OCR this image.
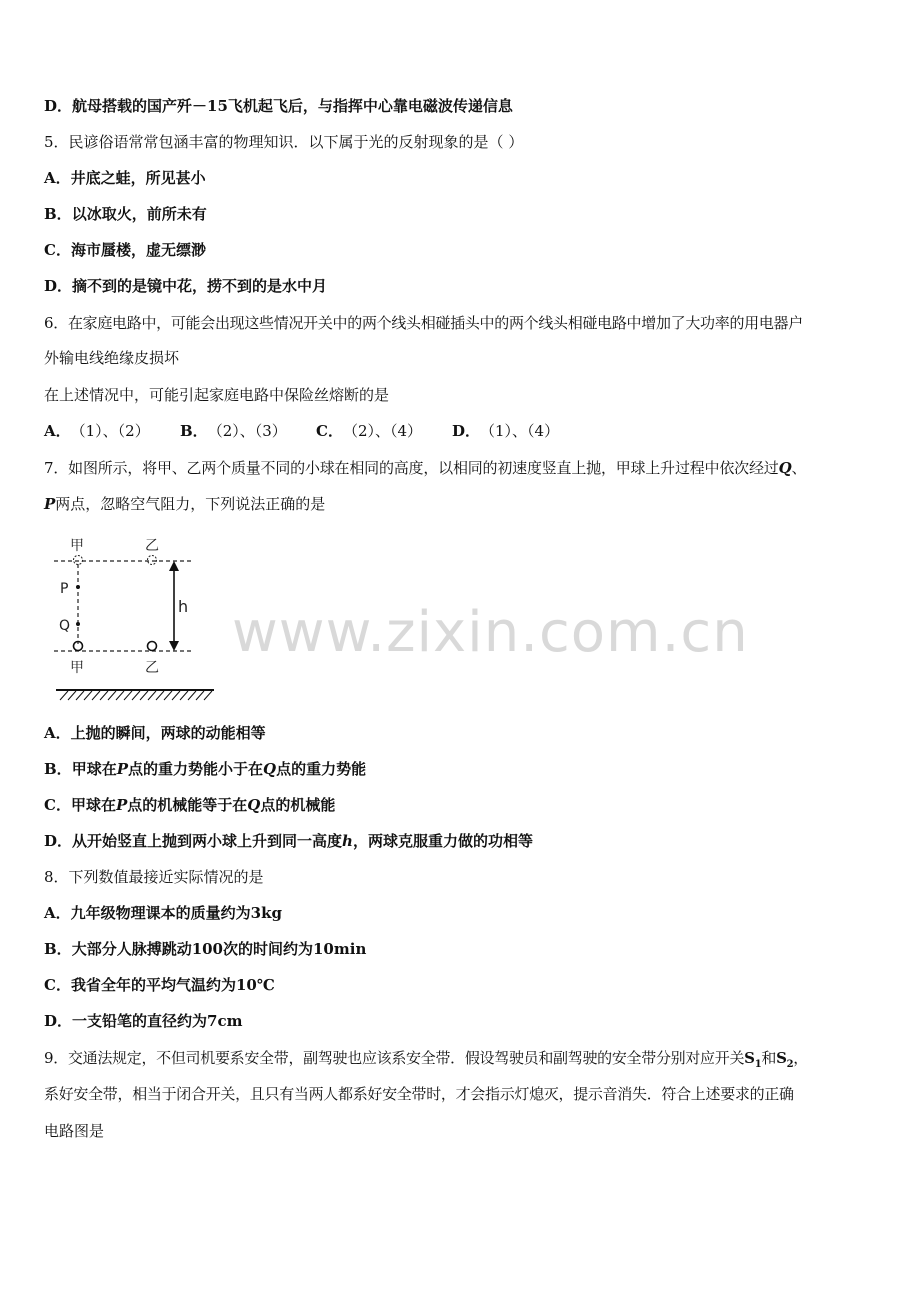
D．航母搭载的国产歼－15飞机起飞后，与指挥中心靠电磁波传递信息
5．民谚俗语常常包涵丰富的物理知识．以下属于光的反射现象的是（ ）
A．井底之蛙，所见甚小
B．以冰取火，前所未有
C．海市蜃楼，虚无缥渺
D．摘不到的是镜中花，捞不到的是水中月
6．在家庭电路中，可能会出现这些情况开关中的两个线头相碰插头中的两个线头相碰电路中增加了大功率的用电器户
外输电线绝缘皮损坏
在上述情况中，可能引起家庭电路中保险丝熔断的是
A．（1）、（2） B．（2）、（3） C．（2）、（4） D．（1）、（4）
7．如图所示，将甲、乙两个质量不同的小球在相同的高度，以相同的初速度竖直上抛，甲球上升过程中依次经过Q、
P两点，忽略空气阻力，下列说法正确的是
甲	乙
P
Q
h
甲	乙
www.zixin.com.cn
A．上抛的瞬间，两球的动能相等
B．甲球在P点的重力势能小于在Q点的重力势能
C．甲球在P点的机械能等于在Q点的机械能
D．从开始竖直上抛到两小球上升到同一高度h，两球克服重力做的功相等
8．下列数值最接近实际情况的是
A．九年级物理课本的质量约为3kg
B．大部分人脉搏跳动100次的时间约为10min
C．我省全年的平均气温约为10℃
D．一支铅笔的直径约为7cm
9．交通法规定，不但司机要系安全带，副驾驶也应该系安全带．假设驾驶员和副驾驶的安全带分别对应开关$S_1$和$S_2$，
系好安全带，相当于闭合开关，且只有当两人都系好安全带时，才会指示灯熄灭，提示音消失．符合上述要求的正确
电路图是
